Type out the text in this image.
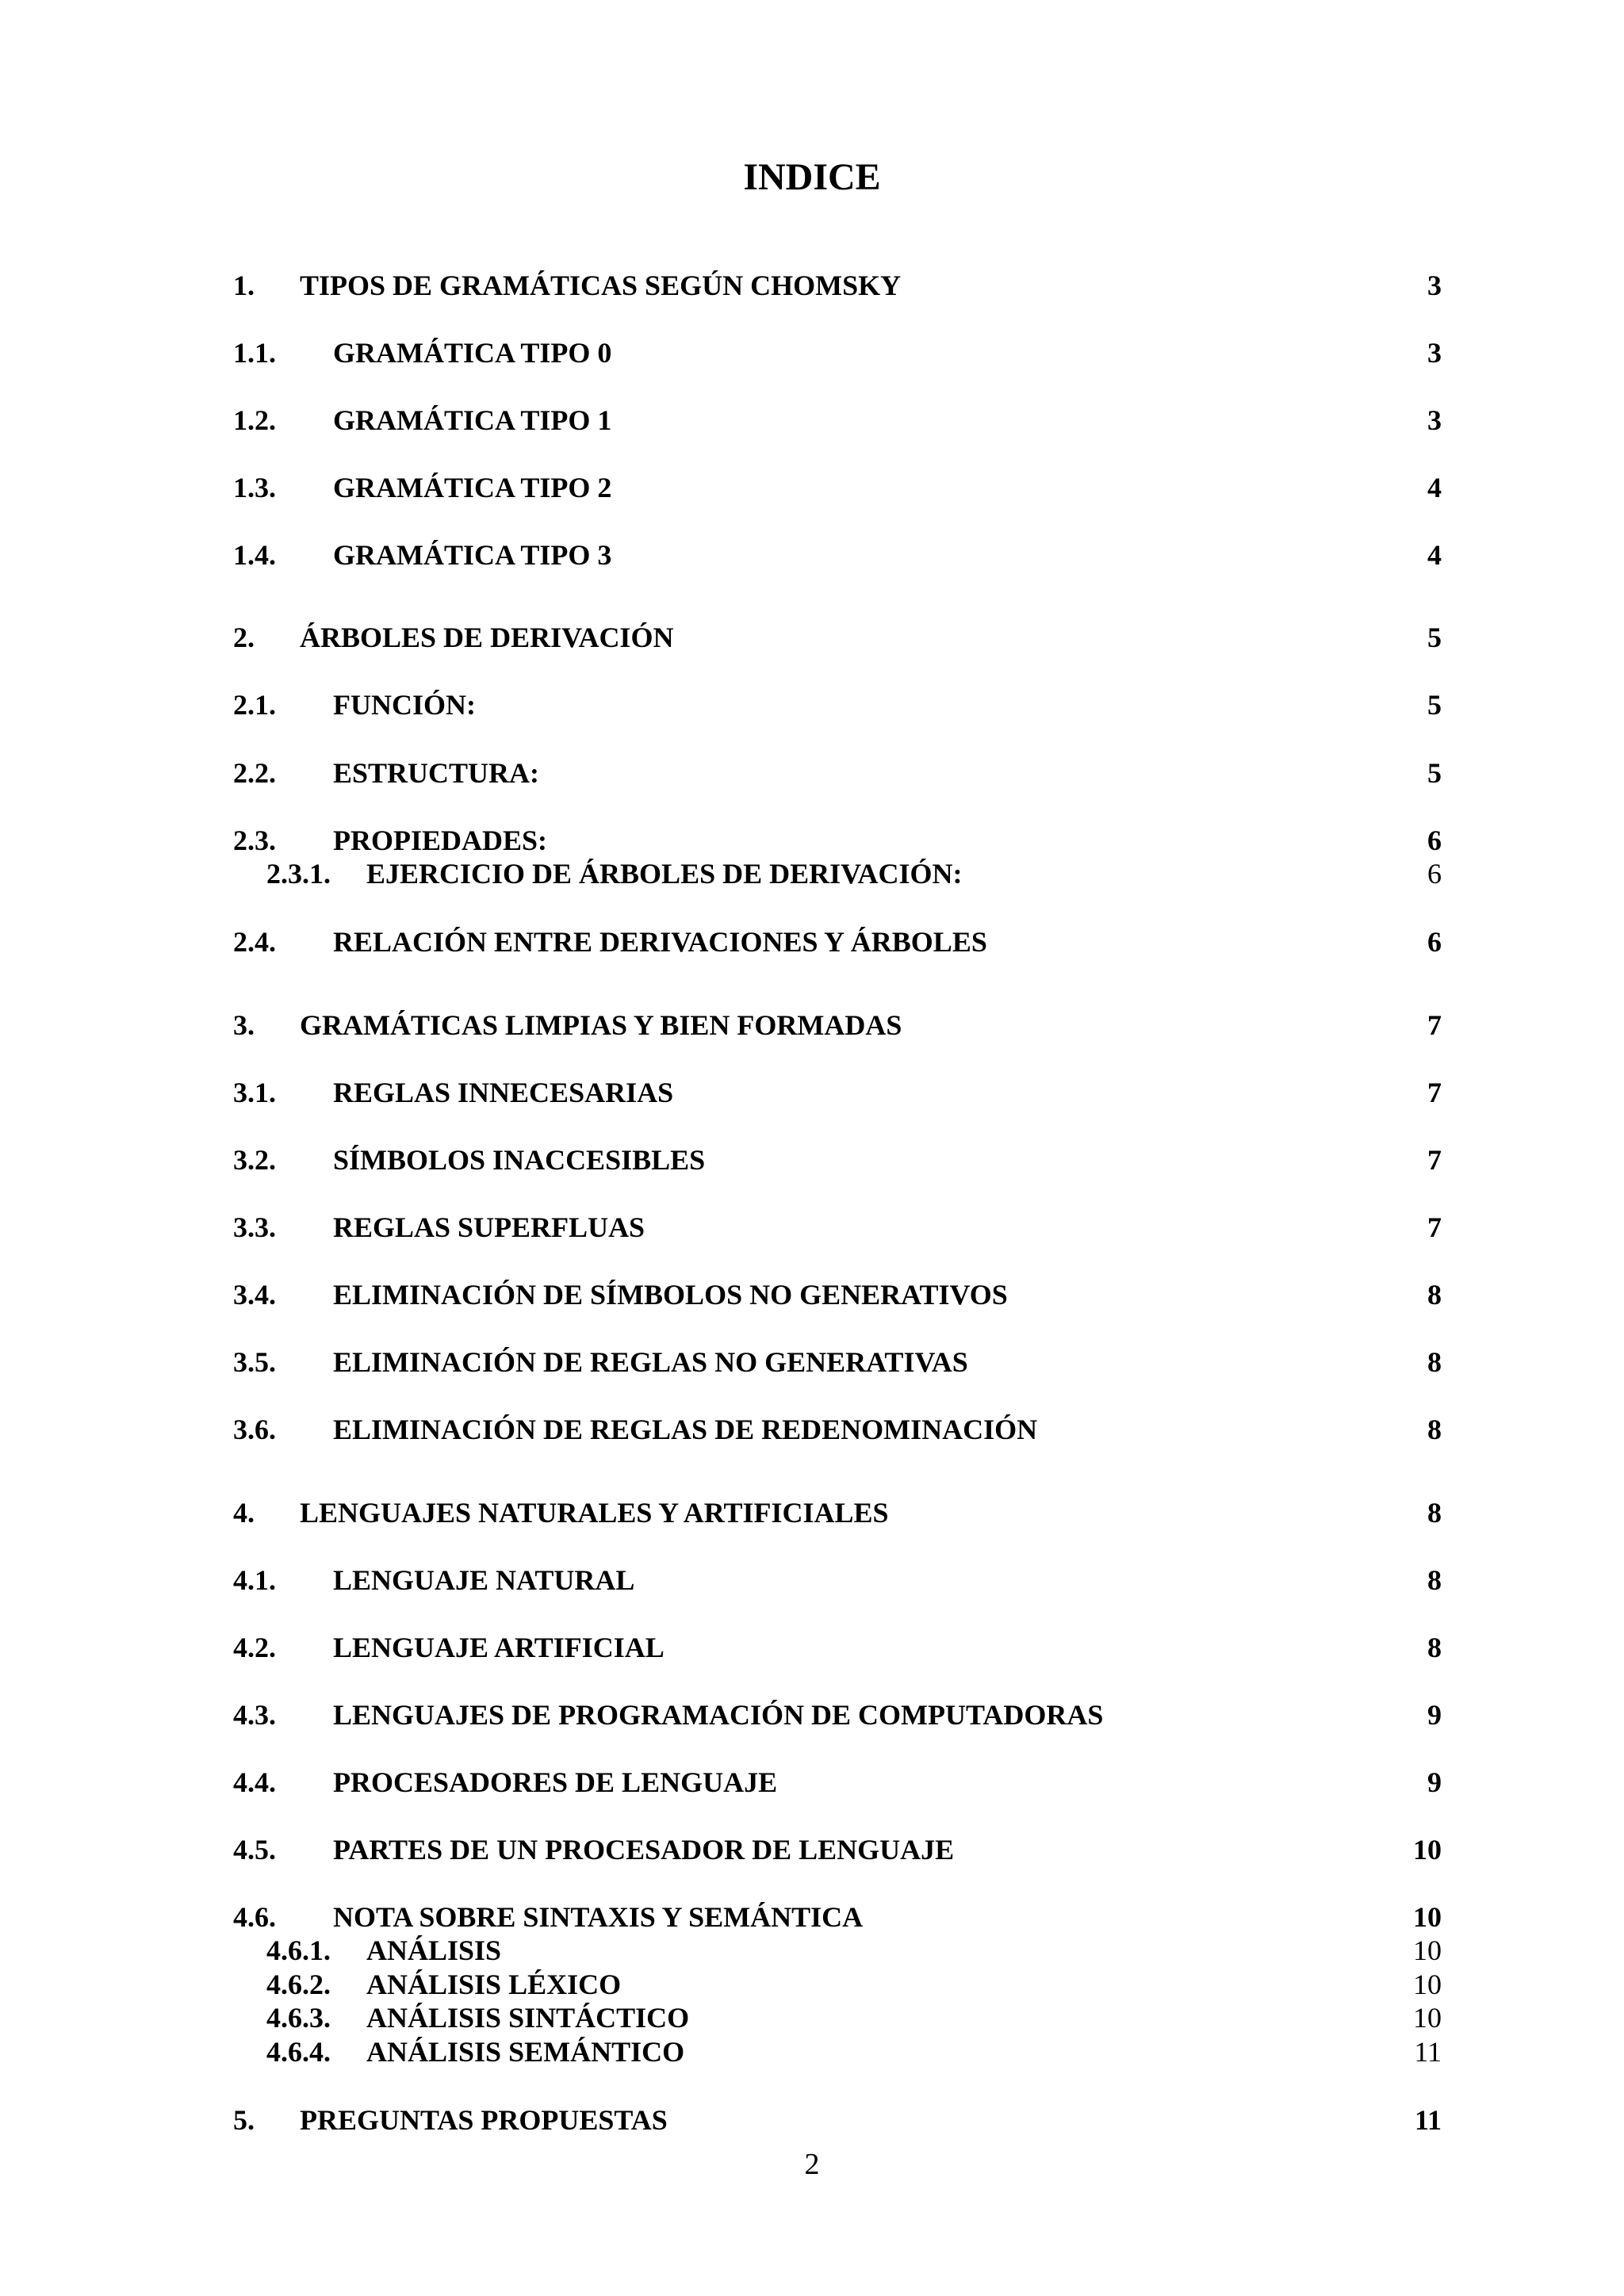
INDICE
1. TIPOS DE GRAMÁTICAS SEGÚN CHOMSKY	3
1.1. GRAMÁTICA TIPO 0	3
1.2. GRAMÁTICA TIPO 1	3
1.3. GRAMÁTICA TIPO 2	4
1.4. GRAMÁTICA TIPO 3	4
2. ÁRBOLES DE DERIVACIÓN	5
2.1. FUNCIÓN:	5
2.2. ESTRUCTURA:	5
2.3. PROPIEDADES:	6
2.3.1. EJERCICIO DE ÁRBOLES DE DERIVACIÓN:	6
2.4. RELACIÓN ENTRE DERIVACIONES Y ÁRBOLES	6
3. GRAMÁTICAS LIMPIAS Y BIEN FORMADAS	7
3.1. REGLAS INNECESARIAS	7
3.2. SÍMBOLOS INACCESIBLES	7
3.3. REGLAS SUPERFLUAS	7
3.4. ELIMINACIÓN DE SÍMBOLOS NO GENERATIVOS	8
3.5. ELIMINACIÓN DE REGLAS NO GENERATIVAS	8
3.6. ELIMINACIÓN DE REGLAS DE REDENOMINACIÓN	8
4. LENGUAJES NATURALES Y ARTIFICIALES	8
4.1. LENGUAJE NATURAL	8
4.2. LENGUAJE ARTIFICIAL	8
4.3. LENGUAJES DE PROGRAMACIÓN DE COMPUTADORAS	9
4.4. PROCESADORES DE LENGUAJE	9
4.5. PARTES DE UN PROCESADOR DE LENGUAJE	10
4.6. NOTA SOBRE SINTAXIS Y SEMÁNTICA	10
4.6.1. ANÁLISIS	10
4.6.2. ANÁLISIS LÉXICO	10
4.6.3. ANÁLISIS SINTÁCTICO	10
4.6.4. ANÁLISIS SEMÁNTICO	11
5. PREGUNTAS PROPUESTAS	11
2
